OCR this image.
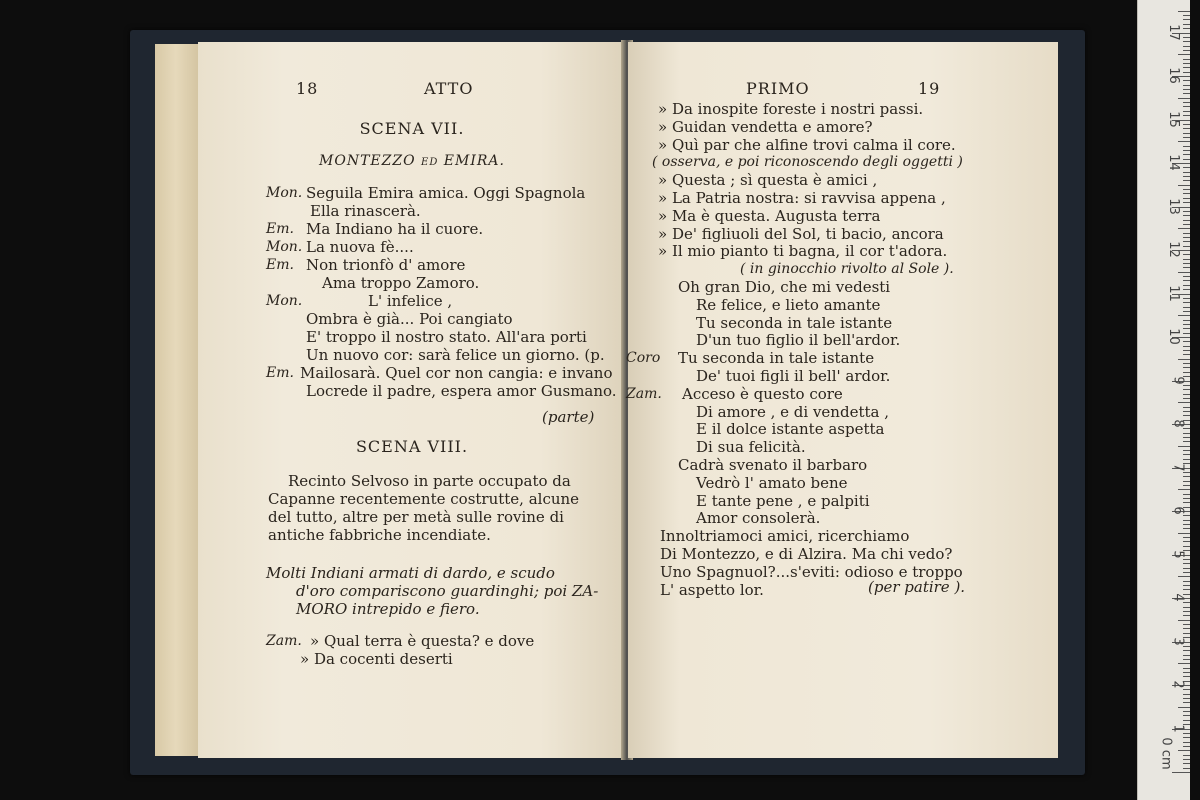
18	ATTO
SCENA VII.
MONTEZZO ed EMIRA.
Mon. Seguila Emira amica. Oggi Spagnola
Ella rinascerà.
Em. Ma Indiano ha il cuore.
Mon. La nuova fè....
Em. Non trionfò d' amore
Ama troppo Zamoro.
Mon.	L' infelice ,
Ombra è già... Poi cangiato
E' troppo il nostro stato. All'ara porti
Un nuovo cor: sarà felice un giorno. (p.
Em. Mailosarà. Quel cor non cangia: e invano
Locrede il padre, espera amor Gusmano.
(parte)
SCENA VIII.
Recinto Selvoso in parte occupato da
Capanne recentemente costrutte, alcune
del tutto, altre per metà sulle rovine di
antiche fabbriche incendiate.
Molti Indiani armati di dardo, e scudo
d'oro compariscono guardinghi; poi ZA-
MORO intrepido e fiero.
Zam. » Qual terra è questa? e dove
» Da cocenti deserti
PRIMO	19
» Da inospite foreste i nostri passi.
» Guidan vendetta e amore?
» Quì par che alfine trovi calma il core.
( osserva, e poi riconoscendo degli oggetti )
» Questa ; sì questa è amici ,
» La Patria nostra: si ravvisa appena ,
» Ma è questa. Augusta terra
» De' figliuoli del Sol, ti bacio, ancora
» Il mio pianto ti bagna, il cor t'adora.
( in ginocchio rivolto al Sole ).
Oh gran Dio, che mi vedesti
Re felice, e lieto amante
Tu seconda in tale istante
D'un tuo figlio il bell'ardor.
Coro Tu seconda in tale istante
De' tuoi figli il bell' ardor.
Zam. Acceso è questo core
Di amore , e di vendetta ,
E il dolce istante aspetta
Di sua felicità.
Cadrà svenato il barbaro
Vedrò l' amato bene
E tante pene , e palpiti
Amor consolerà.
Innoltriamoci amici, ricerchiamo
Di Montezzo, e di Alzira. Ma chi vedo?
Uno Spagnuol?...s'eviti: odioso e troppo
L' aspetto lor.	(per patire ).
1
2
3
4
5
6
7
8
9
10
11
12
13
14
15
16
17
0 cm
